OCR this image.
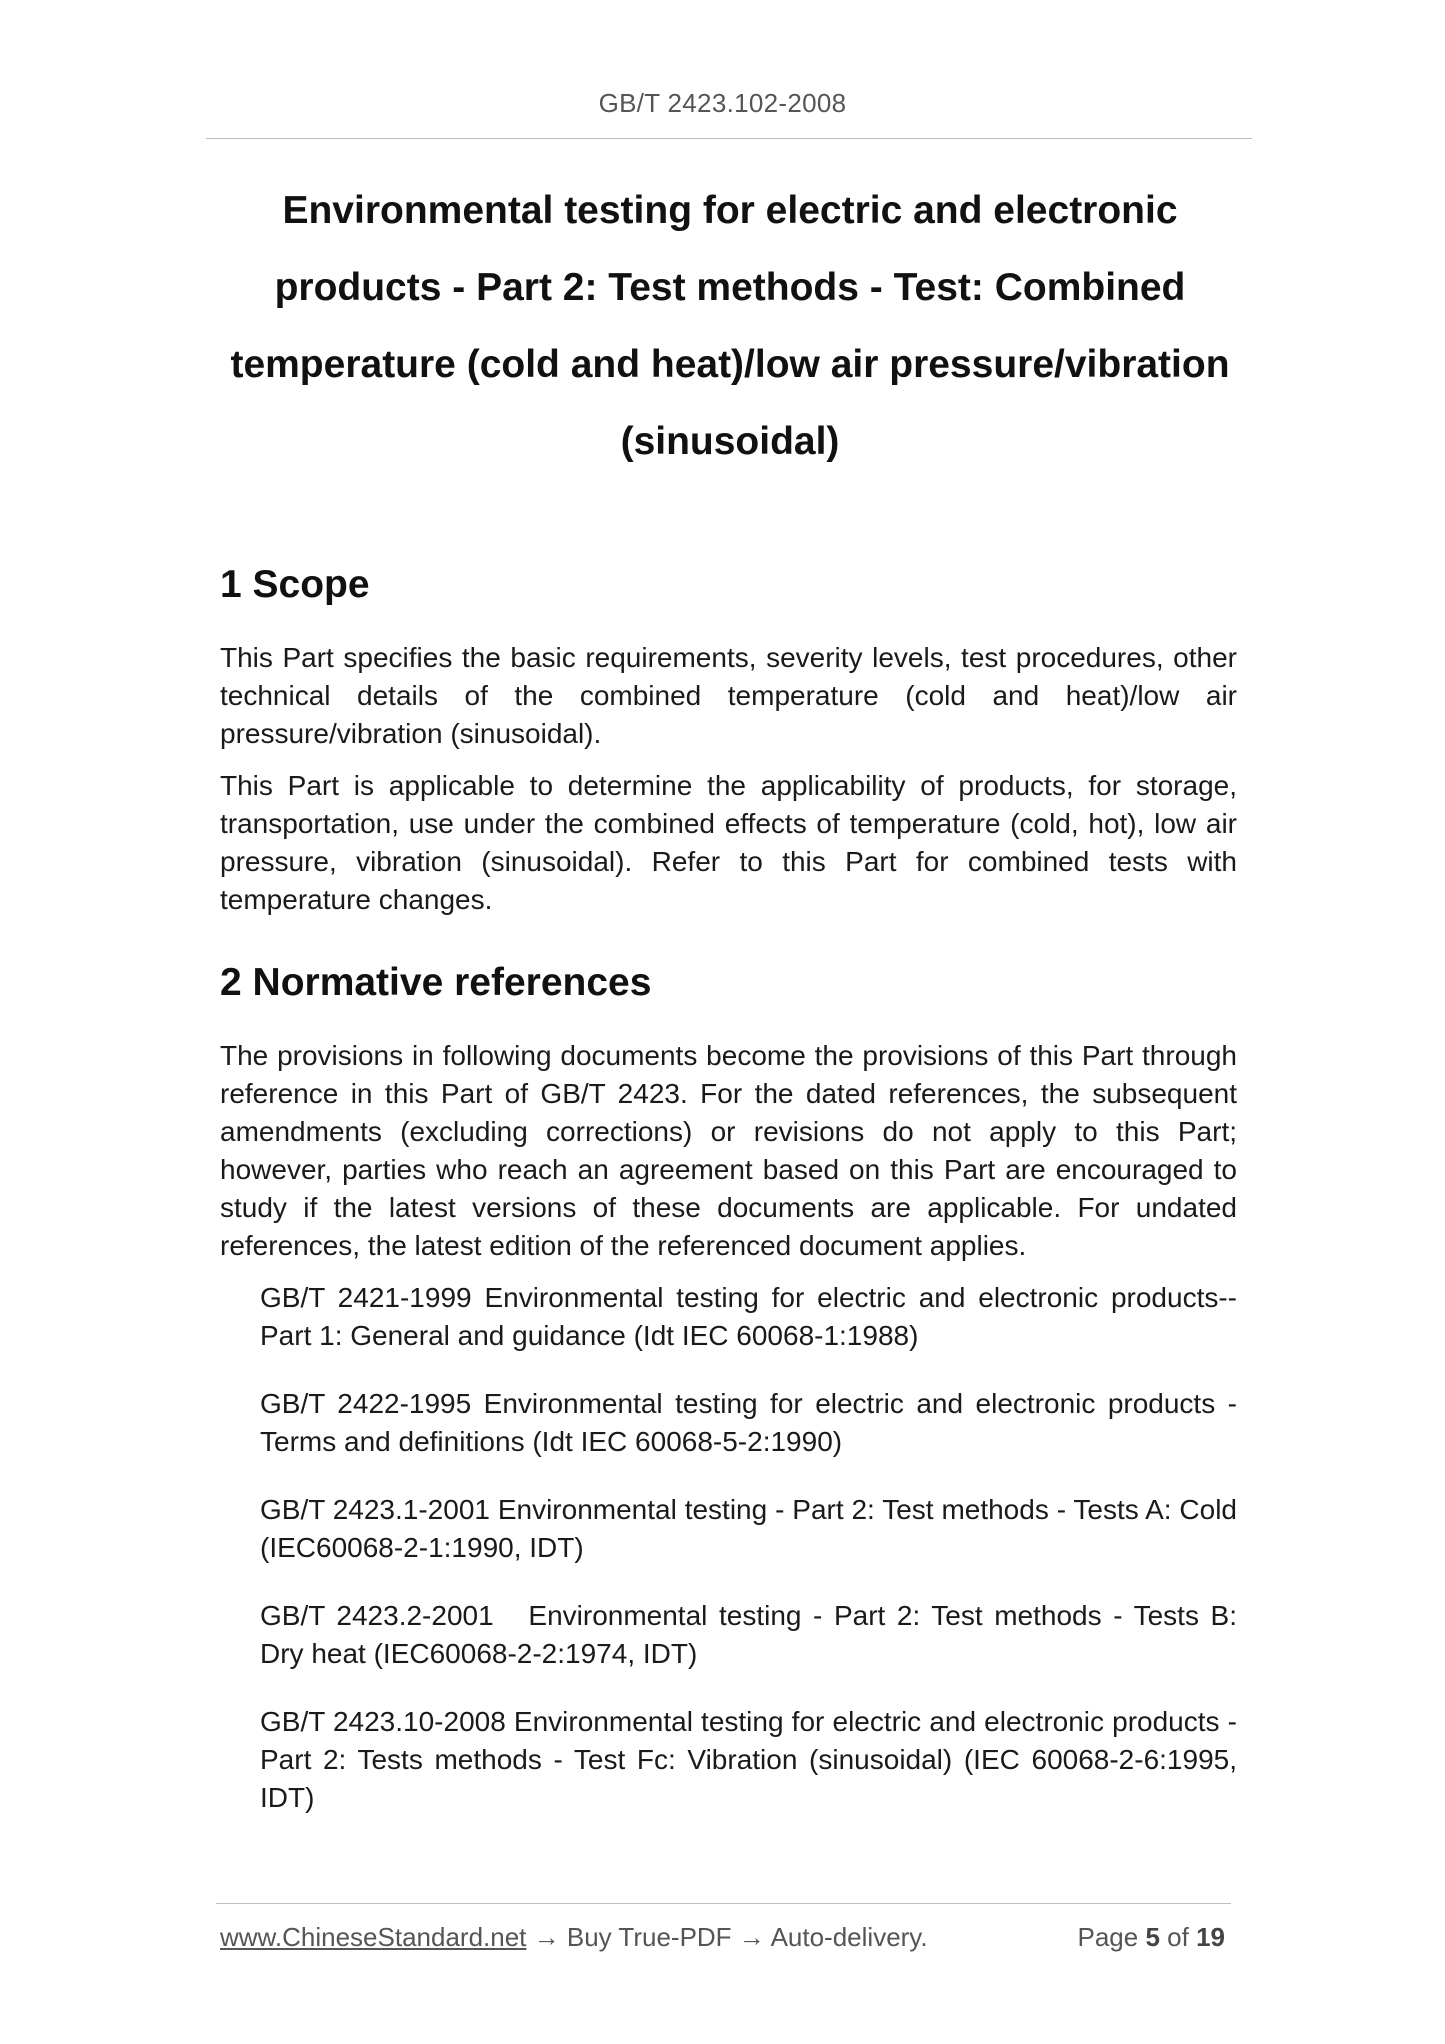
GB/T 2423.102-2008
Environmental testing for electric and electronic products - Part 2: Test methods - Test: Combined temperature (cold and heat)/low air pressure/vibration (sinusoidal)
1 Scope

This Part specifies the basic requirements, severity levels, test procedures, other technical details of the combined temperature (cold and heat)/low air pressure/vibration (sinusoidal).

This Part is applicable to determine the applicability of products, for storage, transportation, use under the combined effects of temperature (cold, hot), low air pressure, vibration (sinusoidal). Refer to this Part for combined tests with temperature changes.

2 Normative references

The provisions in following documents become the provisions of this Part through reference in this Part of GB/T 2423. For the dated references, the subsequent amendments (excluding corrections) or revisions do not apply to this Part; however, parties who reach an agreement based on this Part are encouraged to study if the latest versions of these documents are applicable. For undated references, the latest edition of the referenced document applies.

GB/T 2421-1999 Environmental testing for electric and electronic products-- Part 1: General and guidance (Idt IEC 60068-1:1988)
GB/T 2422-1995 Environmental testing for electric and electronic products - Terms and definitions (Idt IEC 60068-5-2:1990)
GB/T 2423.1-2001 Environmental testing - Part 2: Test methods - Tests A: Cold (IEC60068-2-1:1990, IDT)
GB/T 2423.2-2001   Environmental testing - Part 2: Test methods - Tests B: Dry heat (IEC60068-2-2:1974, IDT)
GB/T 2423.10-2008 Environmental testing for electric and electronic products - Part 2: Tests methods - Test Fc: Vibration (sinusoidal) (IEC 60068-2-6:1995, IDT)
www.ChineseStandard.net → Buy True-PDF → Auto-delivery.	Page 5 of 19
